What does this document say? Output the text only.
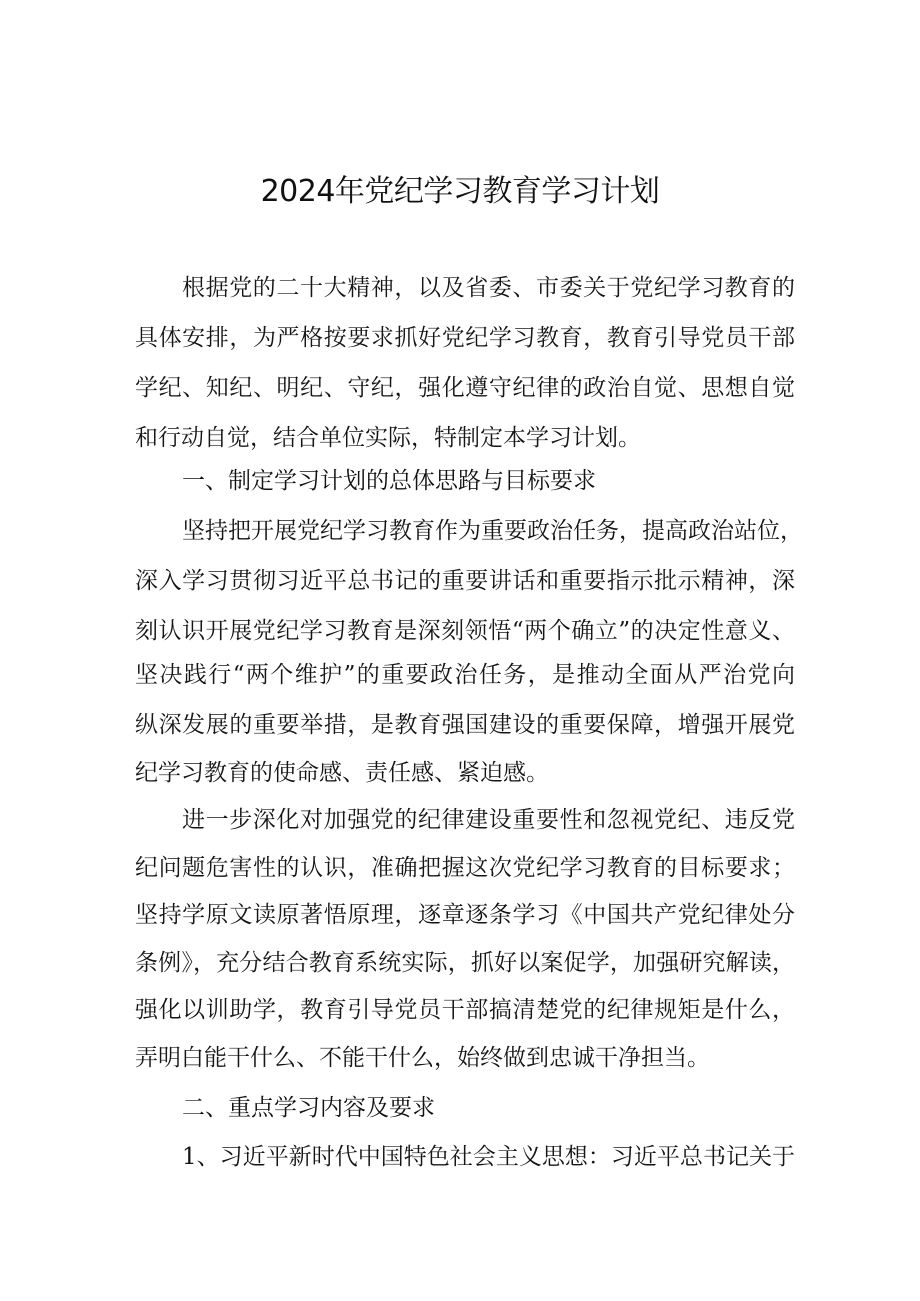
2024年党纪学习教育学习计划
根据党的二十大精神，以及省委、市委关于党纪学习教育的
具体安排，为严格按要求抓好党纪学习教育，教育引导党员干部
学纪、知纪、明纪、守纪，强化遵守纪律的政治自觉、思想自觉
和行动自觉，结合单位实际，特制定本学习计划。
一、制定学习计划的总体思路与目标要求
坚持把开展党纪学习教育作为重要政治任务，提高政治站位，
深入学习贯彻习近平总书记的重要讲话和重要指示批示精神，深
刻认识开展党纪学习教育是深刻领悟“两个确立”的决定性意义、
坚决践行“两个维护”的重要政治任务，是推动全面从严治党向
纵深发展的重要举措，是教育强国建设的重要保障，增强开展党
纪学习教育的使命感、责任感、紧迫感。
进一步深化对加强党的纪律建设重要性和忽视党纪、违反党
纪问题危害性的认识，准确把握这次党纪学习教育的目标要求；
坚持学原文读原著悟原理，逐章逐条学习《中国共产党纪律处分
条例》，充分结合教育系统实际，抓好以案促学，加强研究解读，
强化以训助学，教育引导党员干部搞清楚党的纪律规矩是什么，
弄明白能干什么、不能干什么，始终做到忠诚干净担当。
二、重点学习内容及要求
1、习近平新时代中国特色社会主义思想：习近平总书记关于
